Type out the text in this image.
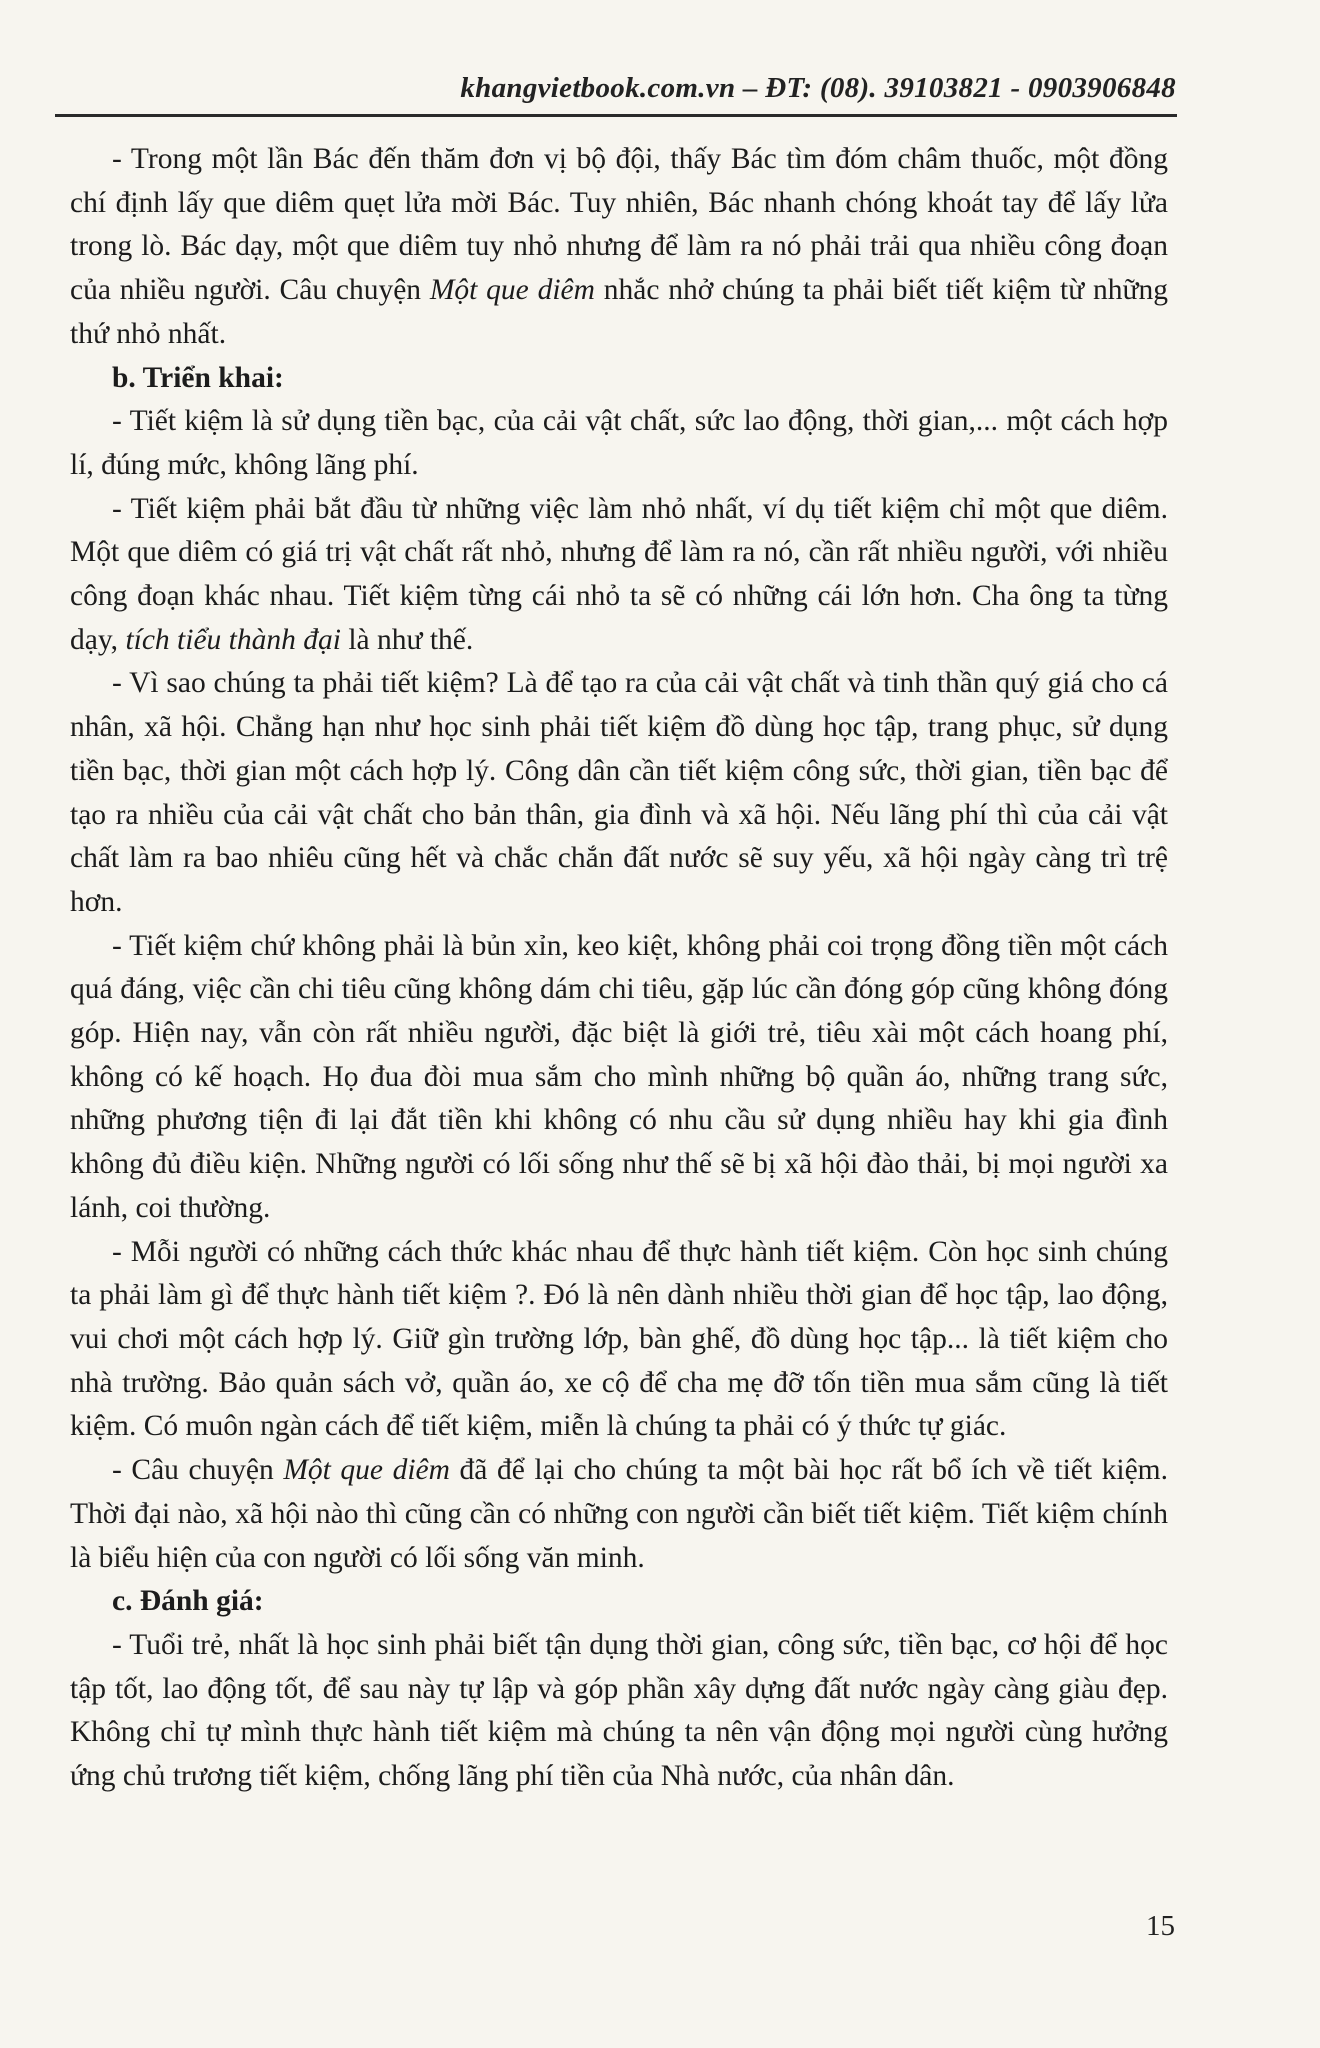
khangvietbook.com.vn – ĐT: (08). 39103821 - 0903906848

- Trong một lần Bác đến thăm đơn vị bộ đội, thấy Bác tìm đóm châm thuốc, một đồng chí định lấy que diêm quẹt lửa mời Bác. Tuy nhiên, Bác nhanh chóng khoát tay để lấy lửa trong lò. Bác dạy, một que diêm tuy nhỏ nhưng để làm ra nó phải trải qua nhiều công đoạn của nhiều người. Câu chuyện Một que diêm nhắc nhở chúng ta phải biết tiết kiệm từ những thứ nhỏ nhất.

b. Triển khai:

- Tiết kiệm là sử dụng tiền bạc, của cải vật chất, sức lao động, thời gian,... một cách hợp lí, đúng mức, không lãng phí.

- Tiết kiệm phải bắt đầu từ những việc làm nhỏ nhất, ví dụ tiết kiệm chỉ một que diêm. Một que diêm có giá trị vật chất rất nhỏ, nhưng để làm ra nó, cần rất nhiều người, với nhiều công đoạn khác nhau. Tiết kiệm từng cái nhỏ ta sẽ có những cái lớn hơn. Cha ông ta từng dạy, tích tiểu thành đại là như thế.

- Vì sao chúng ta phải tiết kiệm? Là để tạo ra của cải vật chất và tinh thần quý giá cho cá nhân, xã hội. Chẳng hạn như học sinh phải tiết kiệm đồ dùng học tập, trang phục, sử dụng tiền bạc, thời gian một cách hợp lý. Công dân cần tiết kiệm công sức, thời gian, tiền bạc để tạo ra nhiều của cải vật chất cho bản thân, gia đình và xã hội. Nếu lãng phí thì của cải vật chất làm ra bao nhiêu cũng hết và chắc chắn đất nước sẽ suy yếu, xã hội ngày càng trì trệ hơn.

- Tiết kiệm chứ không phải là bủn xỉn, keo kiệt, không phải coi trọng đồng tiền một cách quá đáng, việc cần chi tiêu cũng không dám chi tiêu, gặp lúc cần đóng góp cũng không đóng góp. Hiện nay, vẫn còn rất nhiều người, đặc biệt là giới trẻ, tiêu xài một cách hoang phí, không có kế hoạch. Họ đua đòi mua sắm cho mình những bộ quần áo, những trang sức, những phương tiện đi lại đắt tiền khi không có nhu cầu sử dụng nhiều hay khi gia đình không đủ điều kiện. Những người có lối sống như thế sẽ bị xã hội đào thải, bị mọi người xa lánh, coi thường.

- Mỗi người có những cách thức khác nhau để thực hành tiết kiệm. Còn học sinh chúng ta phải làm gì để thực hành tiết kiệm ?. Đó là nên dành nhiều thời gian để học tập, lao động, vui chơi một cách hợp lý. Giữ gìn trường lớp, bàn ghế, đồ dùng học tập... là tiết kiệm cho nhà trường. Bảo quản sách vở, quần áo, xe cộ để cha mẹ đỡ tốn tiền mua sắm cũng là tiết kiệm. Có muôn ngàn cách để tiết kiệm, miễn là chúng ta phải có ý thức tự giác.

- Câu chuyện Một que diêm đã để lại cho chúng ta một bài học rất bổ ích về tiết kiệm. Thời đại nào, xã hội nào thì cũng cần có những con người cần biết tiết kiệm. Tiết kiệm chính là biểu hiện của con người có lối sống văn minh.

c. Đánh giá:

- Tuổi trẻ, nhất là học sinh phải biết tận dụng thời gian, công sức, tiền bạc, cơ hội để học tập tốt, lao động tốt, để sau này tự lập và góp phần xây dựng đất nước ngày càng giàu đẹp. Không chỉ tự mình thực hành tiết kiệm mà chúng ta nên vận động mọi người cùng hưởng ứng chủ trương tiết kiệm, chống lãng phí tiền của Nhà nước, của nhân dân.

15
